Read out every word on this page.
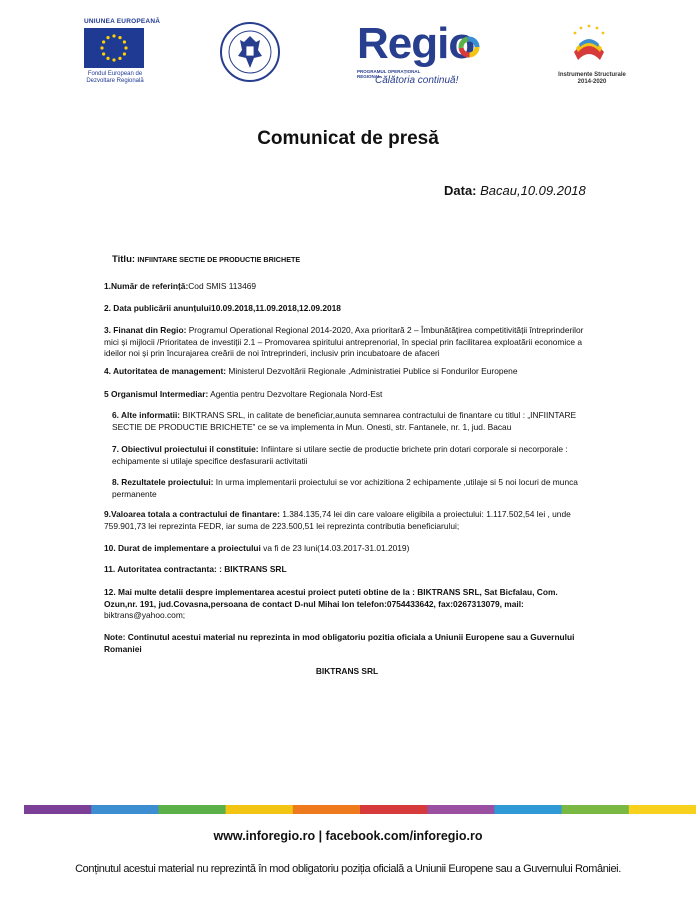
UNIUNEA EUROPEANĂ
Fondul European de Dezvoltare Regională
Regio
PROGRAMUL OPERAȚIONAL REGIONAL
Călătoria continuă!	Instrumente Structurale 2014-2020
Comunicat de presă
Data: Bacau,10.09.2018
Titlu: INFIINTARE SECTIE DE PRODUCTIE BRICHETE
1.Număr de referință:Cod SMIS 113469
2. Data publicării anunțului10.09.2018,11.09.2018,12.09.2018
3. Finanat din Regio: Programul Operational Regional 2014-2020, Axa prioritară 2 – Îmbunătățirea competitivității întreprinderilor mici și mijlocii /Prioritatea de investiții 2.1 – Promovarea spiritului antreprenorial, în special prin facilitarea exploatării economice a ideilor noi și prin încurajarea creării de noi întreprinderi, inclusiv prin incubatoare de afaceri
4. Autoritatea de management: Ministerul Dezvoltării Regionale ,Administratiei Publice si Fondurilor Europene
5 Organismul Intermediar: Agentia pentru Dezvoltare Regionala Nord-Est
6. Alte informatii: BIKTRANS SRL, in calitate de beneficiar,aunuta semnarea contractului de finantare cu titlul : „INFIINTARE SECTIE DE PRODUCTIE BRICHETE” ce se va implementa in Mun. Onesti, str. Fantanele, nr. 1, jud. Bacau
7. Obiectivul proiectului il constituie: Infiintare si utilare sectie de productie brichete prin dotari corporale si necorporale : echipamente si utilaje specifice desfasurarii activitatii
8. Rezultatele proiectului: In urma implementarii proiectului se vor achizitiona 2 echipamente ,utilaje si 5 noi locuri de munca permanente
9.Valoarea totala a contractului de finantare: 1.384.135,74 lei din care valoare eligibila a proiectului: 1.117.502,54 lei , unde 759.901,73 lei reprezinta FEDR, iar suma de 223.500,51 lei reprezinta contributia beneficiarului;
10. Durat de implementare a proiectului va fi de 23 luni(14.03.2017-31.01.2019)
11. Autoritatea contractanta: : BIKTRANS SRL
12. Mai multe detalii despre implementarea acestui proiect puteti obtine de la : BIKTRANS SRL, Sat Bicfalau, Com. Ozun,nr. 191, jud.Covasna,persoana de contact D-nul Mihai Ion telefon:0754433642, fax:0267313079, mail: biktrans@yahoo.com;
Note: Continutul acestui material nu reprezinta in mod obligatoriu pozitia oficiala a Uniunii Europene sau a Guvernului Romaniei
BIKTRANS SRL
www.inforegio.ro | facebook.com/inforegio.ro
Conținutul acestui material nu reprezintă în mod obligatoriu poziția oficială a Uniunii Europene sau a Guvernului României.
